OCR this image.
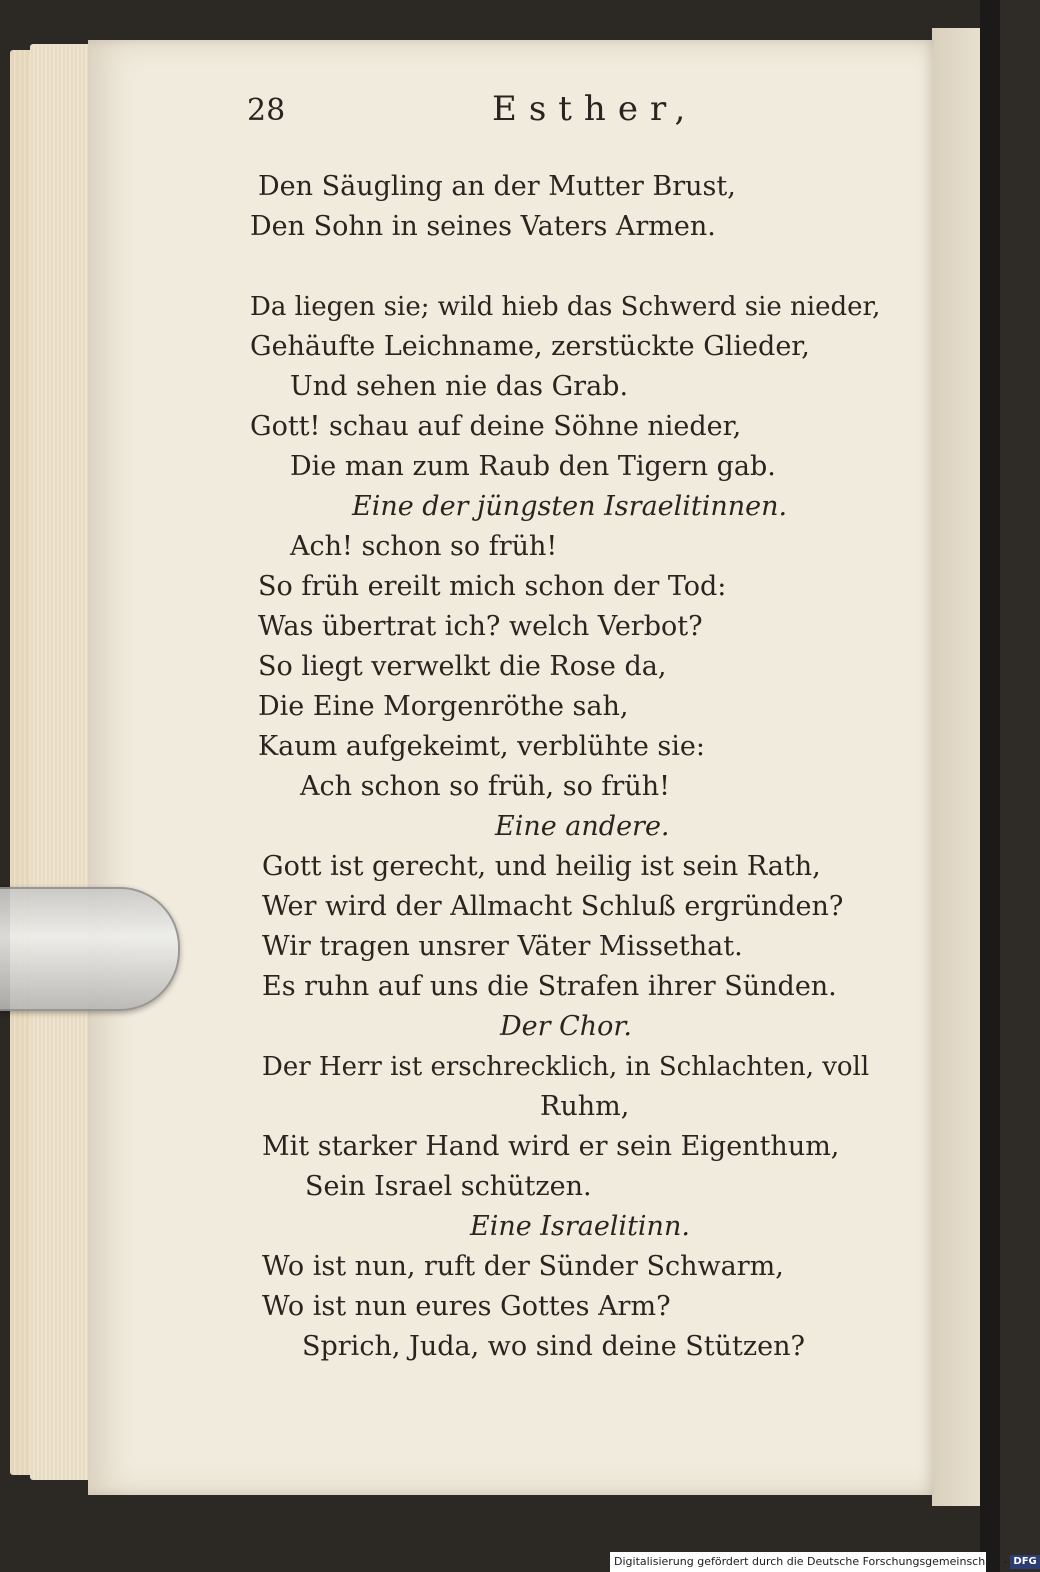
28	Esther,
Den Säugling an der Mutter Brust,
Den Sohn in seines Vaters Armen.
Da liegen sie; wild hieb das Schwerd sie nieder,
Gehäufte Leichname, zerstückte Glieder,
Und sehen nie das Grab.
Gott! schau auf deine Söhne nieder,
Die man zum Raub den Tigern gab.
Eine der jüngsten Israelitinnen.
Ach! schon so früh!
So früh ereilt mich schon der Tod:
Was übertrat ich? welch Verbot?
So liegt verwelkt die Rose da,
Die Eine Morgenröthe sah,
Kaum aufgekeimt, verblühte sie:
Ach schon so früh, so früh!
Eine andere.
Gott ist gerecht, und heilig ist sein Rath,
Wer wird der Allmacht Schluß ergründen?
Wir tragen unsrer Väter Missethat.
Es ruhn auf uns die Strafen ihrer Sünden.
Der Chor.
Der Herr ist erschrecklich, in Schlachten, voll
Ruhm,
Mit starker Hand wird er sein Eigenthum,
Sein Israel schützen.
Eine Israelitinn.
Wo ist nun, ruft der Sünder Schwarm,
Wo ist nun eures Gottes Arm?
Sprich, Juda, wo sind deine Stützen?
Digitalisierung gefördert durch die Deutsche Forschungsgemeinschaft - DFG
